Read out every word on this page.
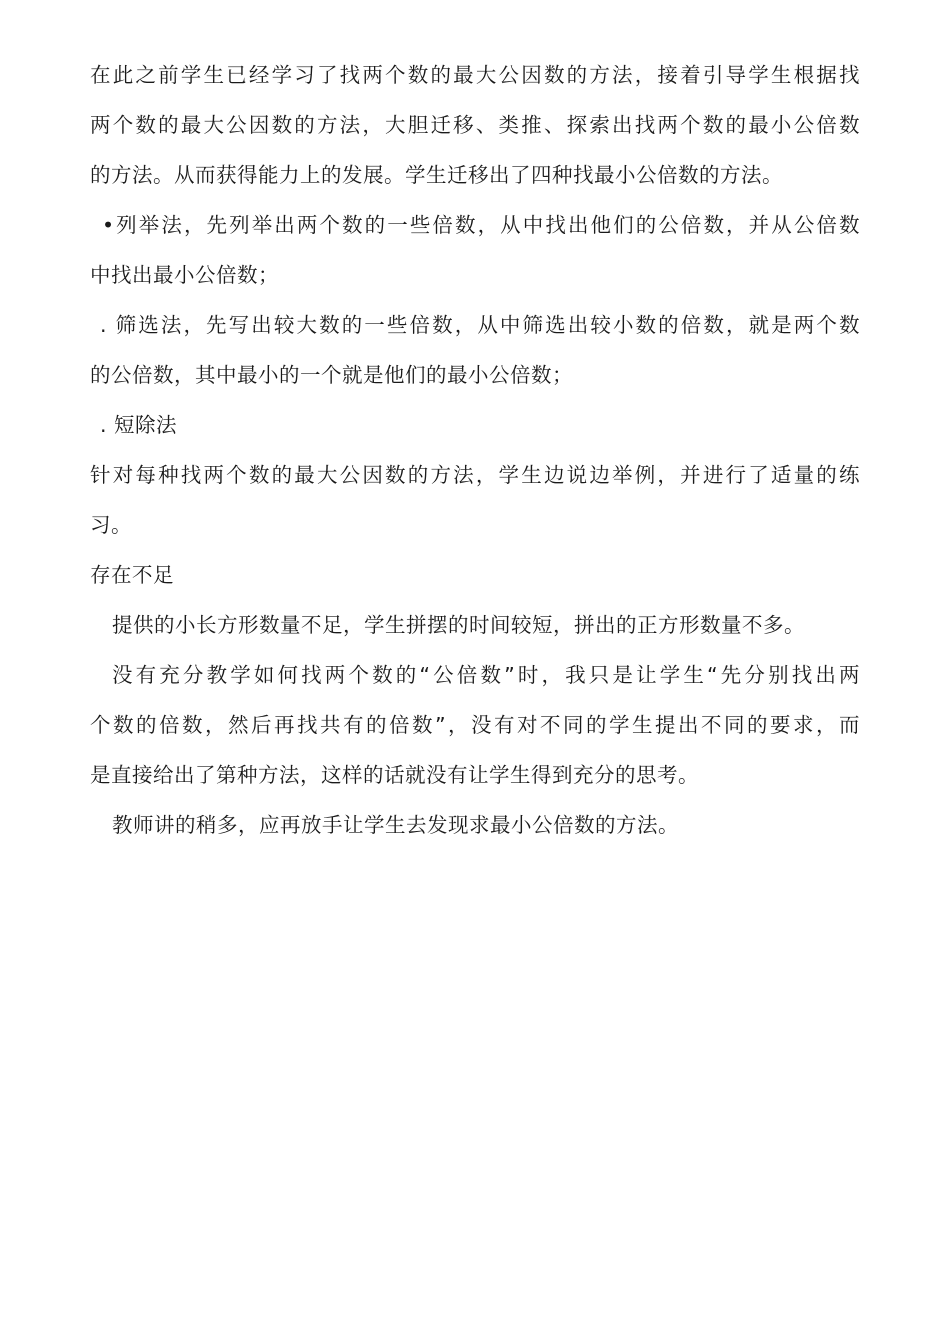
在此之前学生已经学习了找两个数的最大公因数的方法，接着引导学生根据找
两个数的最大公因数的方法，大胆迁移、类推、探索出找两个数的最小公倍数
的方法。从而获得能力上的发展。学生迁移出了四种找最小公倍数的方法。
•列举法，先列举出两个数的一些倍数，从中找出他们的公倍数，并从公倍数
中找出最小公倍数；
. 筛选法，先写出较大数的一些倍数，从中筛选出较小数的倍数，就是两个数
的公倍数，其中最小的一个就是他们的最小公倍数；
. 短除法
针对每种找两个数的最大公因数的方法，学生边说边举例，并进行了适量的练
习。
存在不足
提供的小长方形数量不足，学生拼摆的时间较短，拼出的正方形数量不多。
没有充分教学如何找两个数的“公倍数”时，我只是让学生“先分别找出两
个数的倍数，然后再找共有的倍数”，没有对不同的学生提出不同的要求，而
是直接给出了第种方法，这样的话就没有让学生得到充分的思考。
教师讲的稍多，应再放手让学生去发现求最小公倍数的方法。
